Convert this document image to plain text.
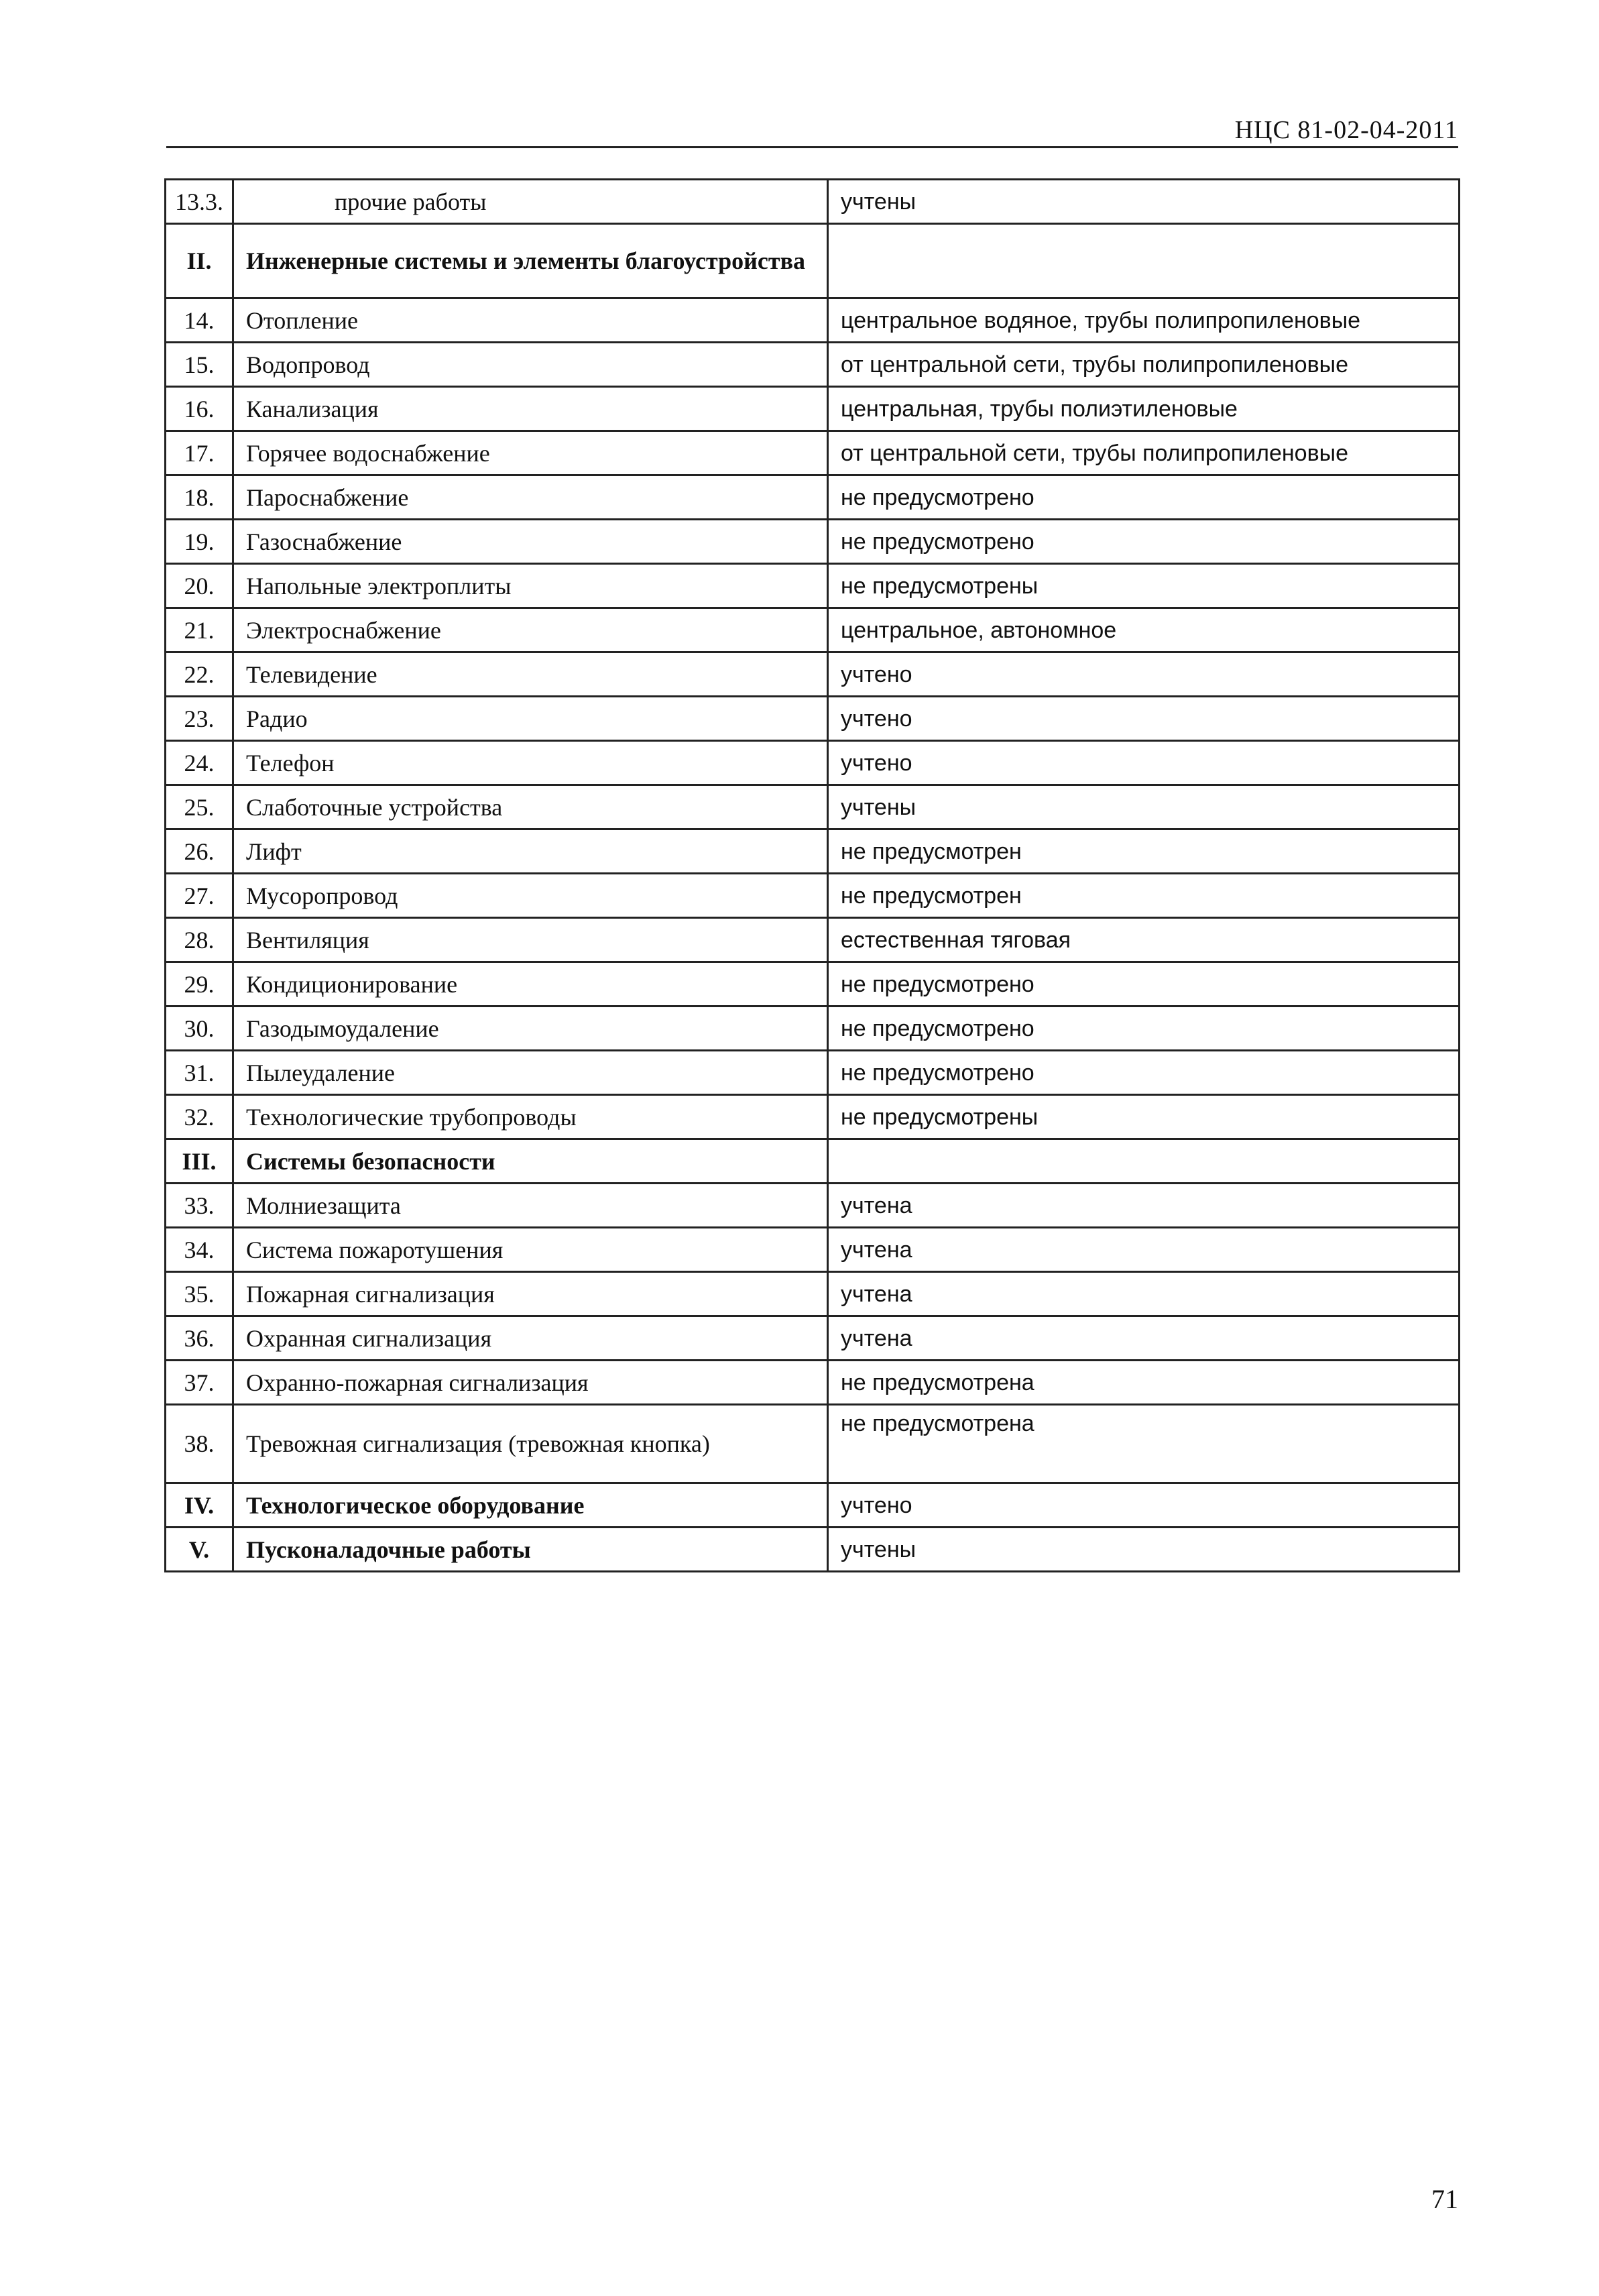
НЦС 81-02-04-2011
13.3.	прочие работы	учтены
II.	Инженерные системы и элементы благоустройства	
14.	Отопление	центральное водяное, трубы полипропиленовые
15.	Водопровод	от центральной сети, трубы полипропиленовые
16.	Канализация	центральная, трубы полиэтиленовые
17.	Горячее водоснабжение	от центральной сети, трубы полипропиленовые
18.	Пароснабжение	не предусмотрено
19.	Газоснабжение	не предусмотрено
20.	Напольные электроплиты	не предусмотрены
21.	Электроснабжение	центральное, автономное
22.	Телевидение	учтено
23.	Радио	учтено
24.	Телефон	учтено
25.	Слаботочные устройства	учтены
26.	Лифт	не предусмотрен
27.	Мусоропровод	не предусмотрен
28.	Вентиляция	естественная тяговая
29.	Кондиционирование	не предусмотрено
30.	Газодымоудаление	не предусмотрено
31.	Пылеудаление	не предусмотрено
32.	Технологические трубопроводы	не предусмотрены
III.	Системы безопасности	
33.	Молниезащита	учтена
34.	Система пожаротушения	учтена
35.	Пожарная сигнализация	учтена
36.	Охранная сигнализация	учтена
37.	Охранно-пожарная сигнализация	не предусмотрена
38.	Тревожная сигнализация (тревожная кнопка)	не предусмотрена
IV.	Технологическое оборудование	учтено
V.	Пусконаладочные работы	учтены
71
